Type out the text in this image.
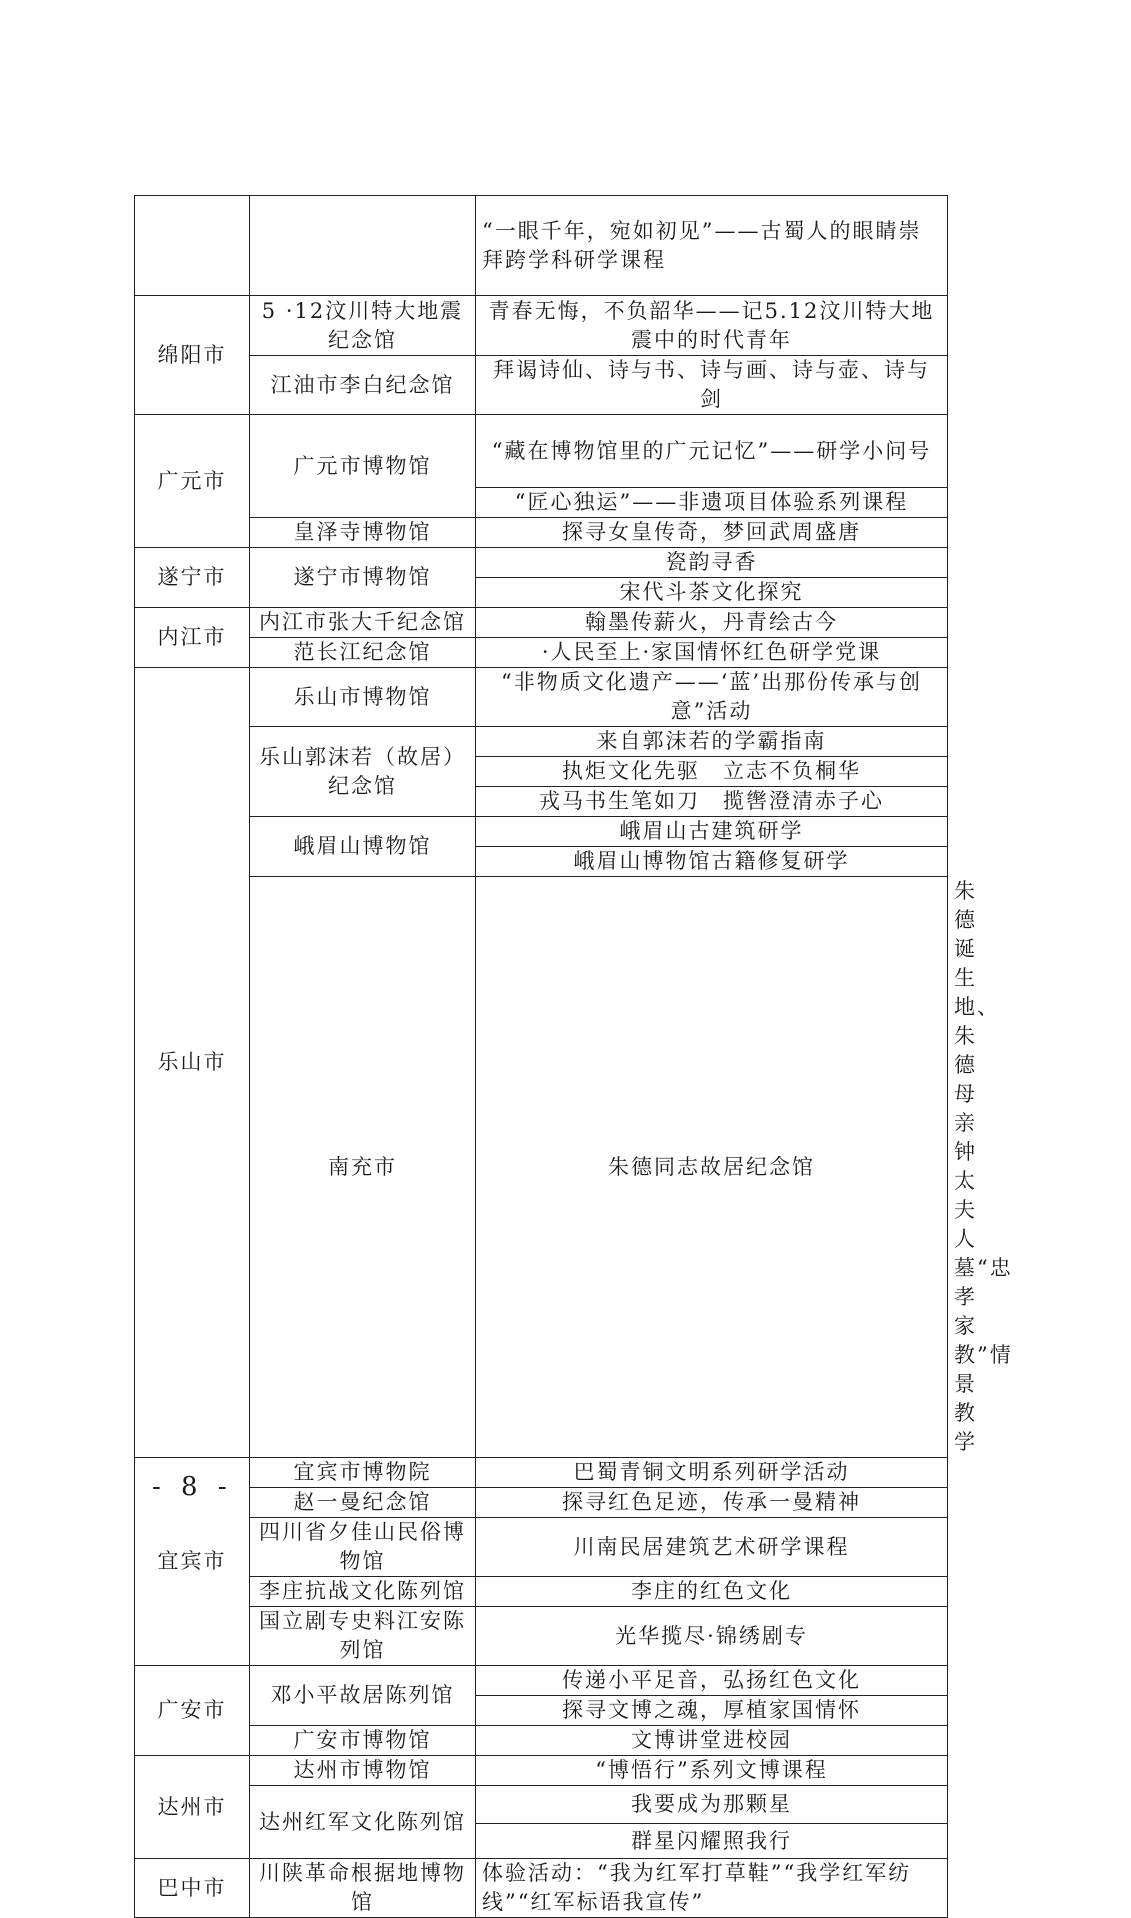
		“一眼千年，宛如初见”——古蜀人的眼睛崇拜跨学科研学课程	
绵阳市	5 ·12汶川特大地震纪念馆	青春无悔，不负韶华——记5.12汶川特大地震中的时代青年	
	江油市李白纪念馆	拜谒诗仙、诗与书、诗与画、诗与壶、诗与剑	
广元市	广元市博物馆	“藏在博物馆里的广元记忆”——研学小问号	
		“匠心独运”——非遗项目体验系列课程	
	皇泽寺博物馆	探寻女皇传奇，梦回武周盛唐	
遂宁市	遂宁市博物馆	瓷韵寻香	
		宋代斗茶文化探究	
内江市	内江市张大千纪念馆	翰墨传薪火，丹青绘古今	
	范长江纪念馆	·人民至上·家国情怀红色研学党课	
乐山市	乐山市博物馆	“非物质文化遗产——‘蓝’出那份传承与创意”活动	
	乐山郭沫若（故居）纪念馆	来自郭沫若的学霸指南	
		执炬文化先驱　立志不负桐华	
		戎马书生笔如刀　揽辔澄清赤子心	
	峨眉山博物馆	峨眉山古建筑研学	
		峨眉山博物馆古籍修复研学	
	南充市	朱德同志故居纪念馆	朱德诞生地、朱德母亲钟太夫人墓“忠孝家教”情景教学
宜宾市	宜宾市博物院	巴蜀青铜文明系列研学活动	
	赵一曼纪念馆	探寻红色足迹，传承一曼精神	
	四川省夕佳山民俗博物馆	川南民居建筑艺术研学课程	
	李庄抗战文化陈列馆	李庄的红色文化	
	国立剧专史料江安陈列馆	光华揽尽·锦绣剧专	
广安市	邓小平故居陈列馆	传递小平足音，弘扬红色文化	
		探寻文博之魂，厚植家国情怀	
	广安市博物馆	文博讲堂进校园	
达州市	达州市博物馆	“博悟行”系列文博课程	
	达州红军文化陈列馆	我要成为那颗星	
		群星闪耀照我行	
巴中市	川陕革命根据地博物馆	体验活动：“我为红军打草鞋”“我学红军纺线”“红军标语我宣传”	
- 8 -
